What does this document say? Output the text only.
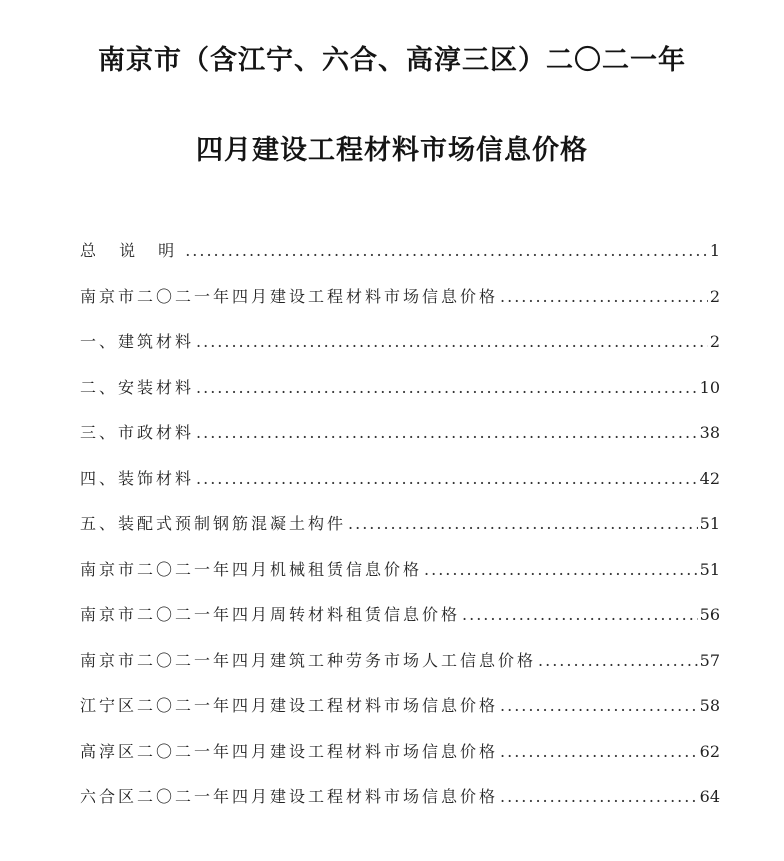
南京市（含江宁、六合、高淳三区）二〇二一年
四月建设工程材料市场信息价格
总 说 明 .....	1
南京市二〇二一年四月建设工程材料市场信息价格 .....	2
一、建筑材料 .....	2
二、安装材料 .....	10
三、市政材料 .....	38
四、装饰材料 .....	42
五、装配式预制钢筋混凝土构件 .....	51
南京市二〇二一年四月机械租赁信息价格 .....	51
南京市二〇二一年四月周转材料租赁信息价格 .....	56
南京市二〇二一年四月建筑工种劳务市场人工信息价格 .....	57
江宁区二〇二一年四月建设工程材料市场信息价格 .....	58
高淳区二〇二一年四月建设工程材料市场信息价格 .....	62
六合区二〇二一年四月建设工程材料市场信息价格 .....	64
